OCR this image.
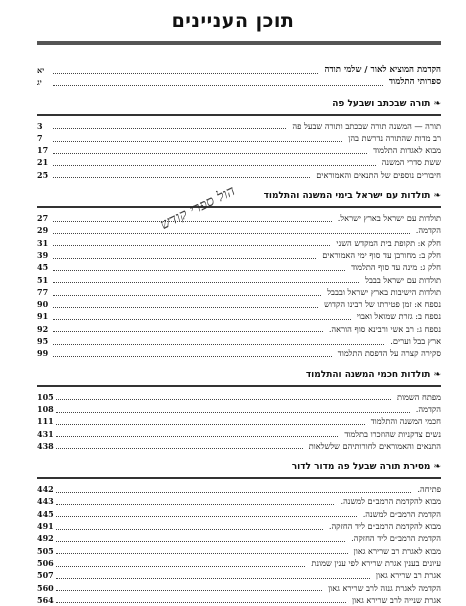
תוכן העניינים
הקדמת המוציא לאור / שלמי תודה
יא
ספרותי התלמוד
יג
❧
תורה שבכתב ושבעל פה
תורה — המשנה תורה שבכתב ותורה שבעל פה
3
רב מדות שהתורה נדרשת בהן
7
מבוא לאגדות התלמוד
17
ששת סדרי המשנה
21
חיבורים נוספים של התנאים והאמוראים
25
❧
תולדות עם ישראל בימי המשנה והתלמוד
תולדות עם ישראל בארץ ישראל.
27
הקדמה.
29
חלק א: תקופת בית המקדש השני
31
חלק ב: מחורבן עד סוף ימי האמוראים
39
חלק ג: מינה עד סוף התלמוד
45
תולדות עם ישראל בבבל
51
תולדות הישיבות בארץ ישראל ובבבל
77
נספח א: זמן פטירתו של רבינו הקדוש
90
נספח ב: גזרת שמואל ואבוי
91
נספח ג: רב אשי ורבינא סוף הוראה.
92
ארץ בבל וערים.
95
סקירה קצרה על הדפסת התלמוד
99
❧
תולדות חכמי המשנה והתלמוד
מפתח השמות
105
הקדמה.
108
חכמי המשנה והתלמוד
111
נשים צדקניות שהוזכרו בתלמוד
431
התנאים והאמוראים לחורותיהם שלשלאות
438
❧
מסירת תורה שבעל פה מדור לדור
פתיחה.
442
מבוא להקדמת הרמב״ם למשנה.
443
הקדמת הרמב״ם למשנה.
445
מבוא להקדמת הרמב״ם ליד החזקה.
491
הקדמת הרמב״ם ליד החזקה.
492
מבוא לאגרת רב שרירא גאון
505
עיונים בענין אגרת שרירא לפי ענין שמונת
506
אגרת רב שרירא גאון
507
הקדמה לאגרת גנזה לרב שרירא גאון
560
אגרת שנייה לרב שרירא גאון
564
הול ספרי קודש
